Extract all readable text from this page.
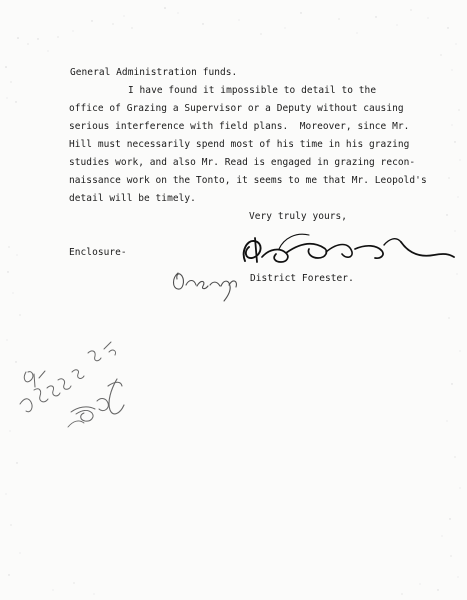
General Administration funds.

I have found it impossible to detail to the

office of Grazing a Supervisor or a Deputy without causing

serious interference with field plans.  Moreover, since Mr.

Hill must necessarily spend most of his time in his grazing

studies work, and also Mr. Read is engaged in grazing recon-

naissance work on the Tonto, it seems to me that Mr. Leopold's

detail will be timely.

Very truly yours,

Enclosure-

District Forester.
